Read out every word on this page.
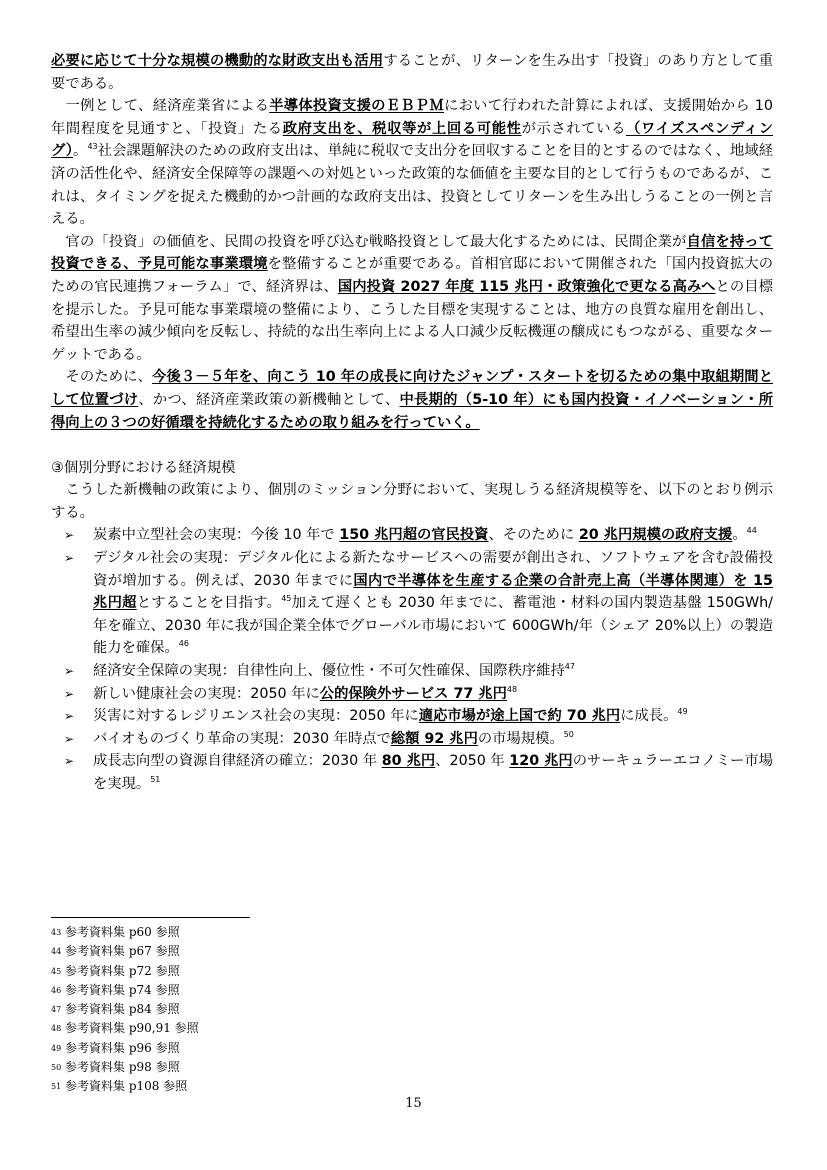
必要に応じて十分な規模の機動的な財政支出も活用することが、リターンを生み出す「投資」のあり方として重要である。

一例として、経済産業省による半導体投資支援のＥＢＰＭにおいて行われた計算によれば、支援開始から 10 年間程度を見通すと、「投資」たる政府支出を、税収等が上回る可能性が示されている（ワイズスペンディング）。$^{43}$社会課題解決のための政府支出は、単純に税収で支出分を回収することを目的とするのではなく、地域経済の活性化や、経済安全保障等の課題への対処といった政策的な価値を主要な目的として行うものであるが、これは、タイミングを捉えた機動的かつ計画的な政府支出は、投資としてリターンを生み出しうることの一例と言える。

官の「投資」の価値を、民間の投資を呼び込む戦略投資として最大化するためには、民間企業が自信を持って投資できる、予見可能な事業環境を整備することが重要である。首相官邸において開催された「国内投資拡大のための官民連携フォーラム」で、経済界は、国内投資 2027 年度 115 兆円・政策強化で更なる高みへとの目標を提示した。予見可能な事業環境の整備により、こうした目標を実現することは、地方の良質な雇用を創出し、希望出生率の減少傾向を反転し、持続的な出生率向上による人口減少反転機運の醸成にもつながる、重要なターゲットである。

そのために、今後３－５年を、向こう 10 年の成長に向けたジャンプ・スタートを切るための集中取組期間として位置づけ、かつ、経済産業政策の新機軸として、中長期的（5-10 年）にも国内投資・イノベーション・所得向上の３つの好循環を持続化するための取り組みを行っていく。

③個別分野における経済規模

こうした新機軸の政策により、個別のミッション分野において、実現しうる経済規模等を、以下のとおり例示する。

➢ 炭素中立型社会の実現：今後 10 年で 150 兆円超の官民投資、そのために 20 兆円規模の政府支援。$^{44}$
➢ デジタル社会の実現：デジタル化による新たなサービスへの需要が創出され、ソフトウェアを含む設備投資が増加する。例えば、2030 年までに国内で半導体を生産する企業の合計売上高（半導体関連）を 15 兆円超とすることを目指す。$^{45}$加えて遅くとも 2030 年までに、蓄電池・材料の国内製造基盤 150GWh/年を確立、2030 年に我が国企業全体でグローバル市場において 600GWh/年（シェア 20%以上）の製造能力を確保。$^{46}$
➢ 経済安全保障の実現：自律性向上、優位性・不可欠性確保、国際秩序維持$^{47}$
➢ 新しい健康社会の実現：2050 年に公的保険外サービス 77 兆円$^{48}$
➢ 災害に対するレジリエンス社会の実現：2050 年に適応市場が途上国で約 70 兆円に成長。$^{49}$
➢ バイオものづくり革命の実現：2030 年時点で総額 92 兆円の市場規模。$^{50}$
➢ 成長志向型の資源自律経済の確立：2030 年 80 兆円、2050 年 120 兆円のサーキュラーエコノミー市場を実現。$^{51}$

43 参考資料集 p60 参照

44 参考資料集 p67 参照

45 参考資料集 p72 参照

46 参考資料集 p74 参照

47 参考資料集 p84 参照

48 参考資料集 p90,91 参照

49 参考資料集 p96 参照

50 参考資料集 p98 参照

51 参考資料集 p108 参照

15
